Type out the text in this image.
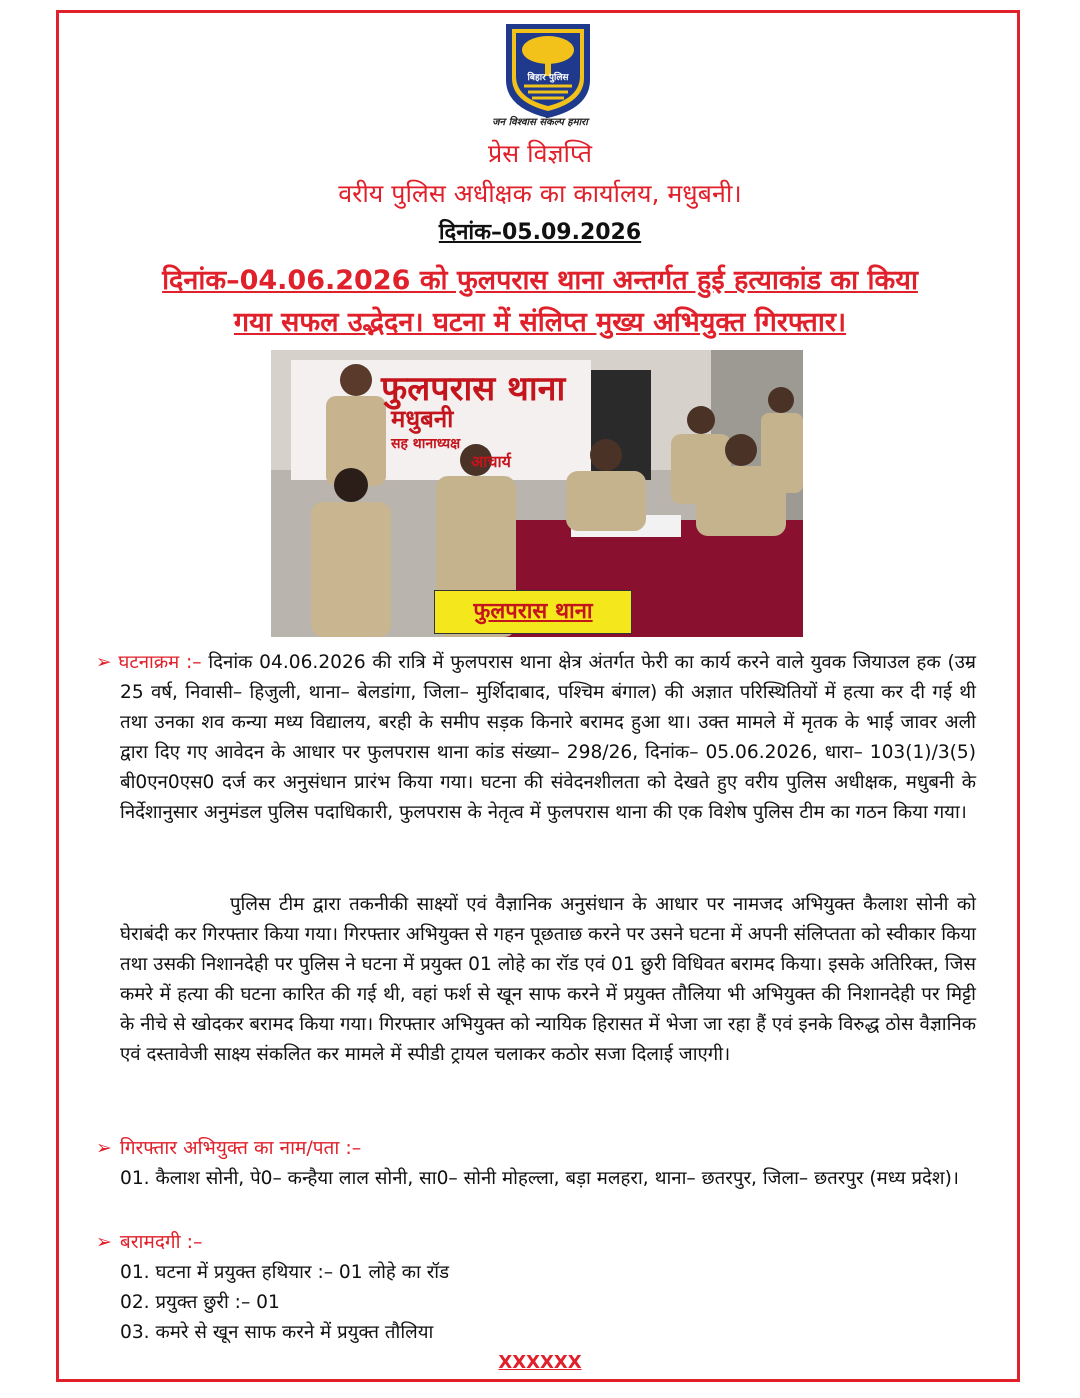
बिहार पुलिस
जन विश्वास संकल्प हमारा
प्रेस विज्ञप्ति
वरीय पुलिस अधीक्षक का कार्यालय, मधुबनी।
दिनांक–05.09.2026
दिनांक–04.06.2026 को फुलपरास थाना अन्तर्गत हुई हत्याकांड का किया
गया सफल उद्भेदन। घटना में संलिप्त मुख्य अभियुक्त गिरफ्तार।
फुलपरास थाना
मधुबनी
सह थानाध्यक्ष
आचार्य
फुलपरास थाना
➢ घटनाक्रम :– दिनांक 04.06.2026 की रात्रि में फुलपरास थाना क्षेत्र अंतर्गत फेरी का कार्य करने वाले युवक जियाउल हक (उम्र 25 वर्ष, निवासी– हिजुली, थाना– बेलडांगा, जिला– मुर्शिदाबाद, पश्चिम बंगाल) की अज्ञात परिस्थितियों में हत्या कर दी गई थी तथा उनका शव कन्या मध्य विद्यालय, बरही के समीप सड़क किनारे बरामद हुआ था। उक्त मामले में मृतक के भाई जावर अली द्वारा दिए गए आवेदन के आधार पर फुलपरास थाना कांड संख्या– 298/26, दिनांक– 05.06.2026, धारा– 103(1)/3(5) बी0एन0एस0 दर्ज कर अनुसंधान प्रारंभ किया गया। घटना की संवेदनशीलता को देखते हुए वरीय पुलिस अधीक्षक, मधुबनी के निर्देशानुसार अनुमंडल पुलिस पदाधिकारी, फुलपरास के नेतृत्व में फुलपरास थाना की एक विशेष पुलिस टीम का गठन किया गया।
पुलिस टीम द्वारा तकनीकी साक्ष्यों एवं वैज्ञानिक अनुसंधान के आधार पर नामजद अभियुक्त कैलाश सोनी को घेराबंदी कर गिरफ्तार किया गया। गिरफ्तार अभियुक्त से गहन पूछताछ करने पर उसने घटना में अपनी संलिप्तता को स्वीकार किया तथा उसकी निशानदेही पर पुलिस ने घटना में प्रयुक्त 01 लोहे का रॉड एवं 01 छुरी विधिवत बरामद किया। इसके अतिरिक्त, जिस कमरे में हत्या की घटना कारित की गई थी, वहां फर्श से खून साफ करने में प्रयुक्त तौलिया भी अभियुक्त की निशानदेही पर मिट्टी के नीचे से खोदकर बरामद किया गया। गिरफ्तार अभियुक्त को न्यायिक हिरासत में भेजा जा रहा हैं एवं इनके विरुद्ध ठोस वैज्ञानिक एवं दस्तावेजी साक्ष्य संकलित कर मामले में स्पीडी ट्रायल चलाकर कठोर सजा दिलाई जाएगी।
➢ गिरफ्तार अभियुक्त का नाम/पता :–
01. कैलाश सोनी, पे0– कन्हैया लाल सोनी, सा0– सोनी मोहल्ला, बड़ा मलहरा, थाना– छतरपुर, जिला– छतरपुर (मध्य प्रदेश)।
➢ बरामदगी :–
01. घटना में प्रयुक्त हथियार :– 01 लोहे का रॉड
02. प्रयुक्त छुरी :– 01
03. कमरे से खून साफ करने में प्रयुक्त तौलिया
XXXXXX
